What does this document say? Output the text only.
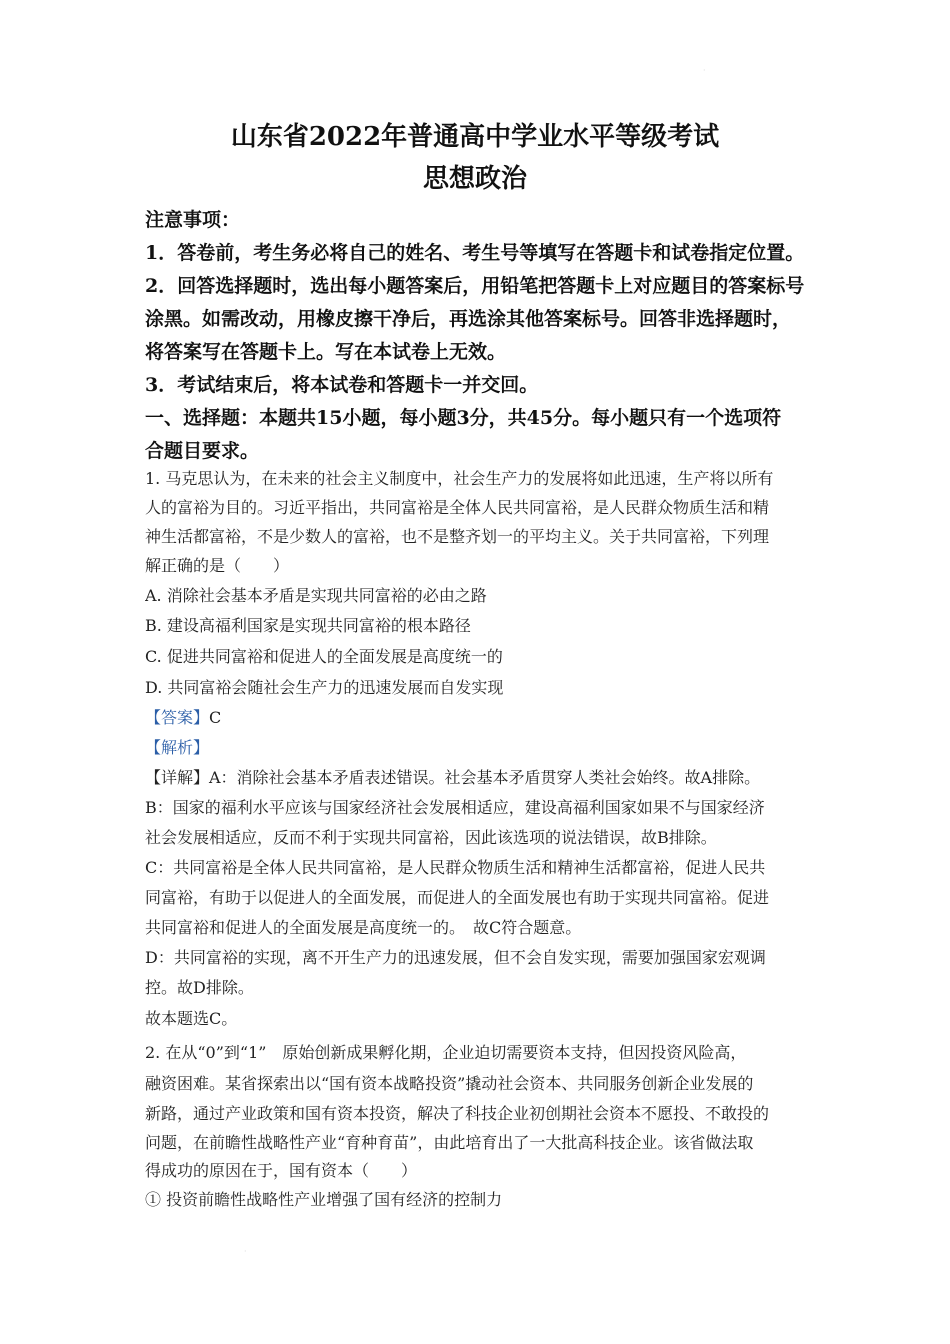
·
山东省2022年普通高中学业水平等级考试
思想政治
注意事项：
1．答卷前，考生务必将自己的姓名、考生号等填写在答题卡和试卷指定位置。
2．回答选择题时，选出每小题答案后，用铅笔把答题卡上对应题目的答案标号
涂黑。如需改动，用橡皮擦干净后，再选涂其他答案标号。回答非选择题时，
将答案写在答题卡上。写在本试卷上无效。
3．考试结束后，将本试卷和答题卡一并交回。
一、选择题：本题共15小题，每小题3分，共45分。每小题只有一个选项符
合题目要求。
1. 马克思认为，在未来的社会主义制度中，社会生产力的发展将如此迅速，生产将以所有
人的富裕为目的。习近平指出，共同富裕是全体人民共同富裕，是人民群众物质生活和精
神生活都富裕，不是少数人的富裕，也不是整齐划一的平均主义。关于共同富裕，下列理
解正确的是（　　）
A. 消除社会基本矛盾是实现共同富裕的必由之路
B. 建设高福利国家是实现共同富裕的根本路径
C. 促进共同富裕和促进人的全面发展是高度统一的
D. 共同富裕会随社会生产力的迅速发展而自发实现
【答案】C
【解析】
【详解】A：消除社会基本矛盾表述错误。社会基本矛盾贯穿人类社会始终。故A排除。
B：国家的福利水平应该与国家经济社会发展相适应，建设高福利国家如果不与国家经济
社会发展相适应，反而不利于实现共同富裕，因此该选项的说法错误，故B排除。
C：共同富裕是全体人民共同富裕，是人民群众物质生活和精神生活都富裕，促进人民共
同富裕，有助于以促进人的全面发展，而促进人的全面发展也有助于实现共同富裕。促进
共同富裕和促进人的全面发展是高度统一的。　故C符合题意。
D：共同富裕的实现，离不开生产力的迅速发展，但不会自发实现，需要加强国家宏观调
控。故D排除。
故本题选C。
2. 在从“0”到“1”　原始创新成果孵化期，企业迫切需要资本支持，但因投资风险高，
融资困难。某省探索出以“国有资本战略投资”撬动社会资本、共同服务创新企业发展的
新路，通过产业政策和国有资本投资，解决了科技企业初创期社会资本不愿投、不敢投的
问题，在前瞻性战略性产业“育种育苗”，由此培育出了一大批高科技企业。该省做法取
得成功的原因在于，国有资本（　　）
① 投资前瞻性战略性产业增强了国有经济的控制力
·
